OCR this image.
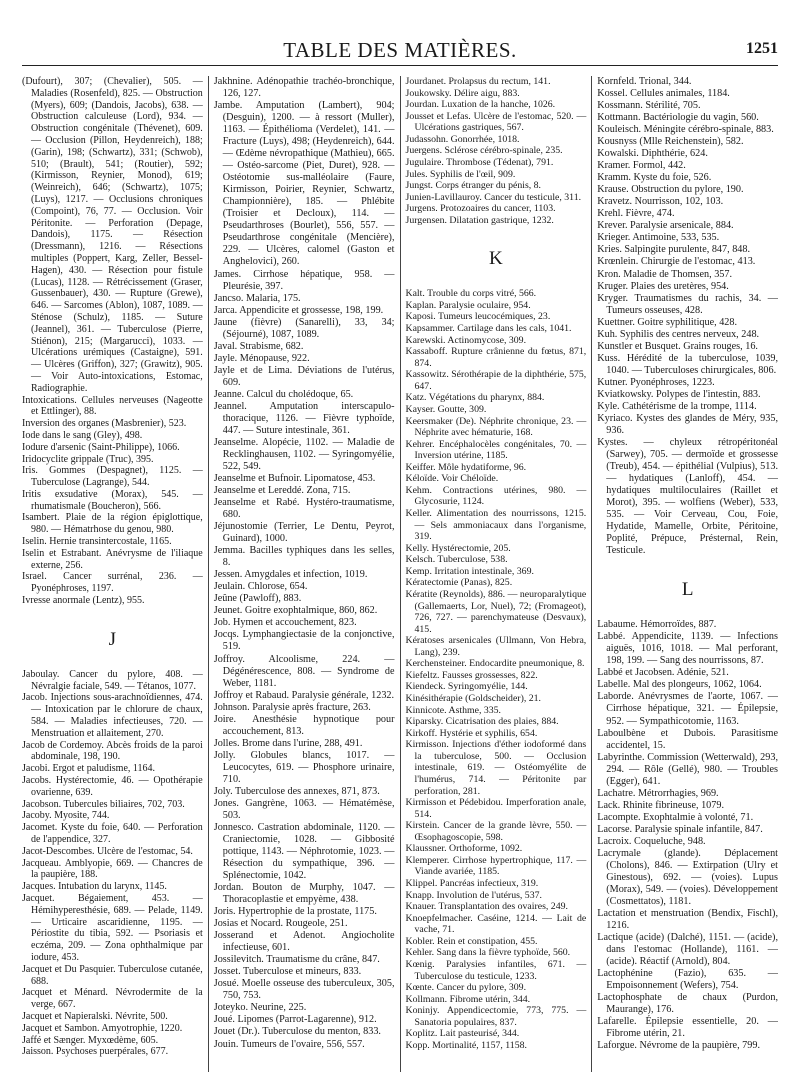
TABLE DES MATIÈRES.	1251

(Dufourt), 307; (Chevalier), 505. — Maladies (Rosenfeld), 825. — Obstruction (Myers), 609; (Dandois, Jacobs), 638. — Obstruction calculeuse (Lord), 934. — Obstruction congénitale (Thévenet), 609. — Occlusion (Pillon, Heydenreich), 188; (Garin), 198; (Schwartz), 331; (Schwob), 510; (Brault), 541; (Routier), 592; (Kirmisson, Reynier, Monod), 619; (Weinreich), 646; (Schwartz), 1075; (Luys), 1217. — Occlusions chroniques (Compoint), 76, 77. — Occlusion. Voir Péritonite. — Perforation (Depage, Dandois), 1175. — Résection (Dressmann), 1216. — Résections multiples (Poppert, Karg, Zeller, Bessel-Hagen), 430. — Résection pour fistule (Lucas), 1128. — Rétrécissement (Graser, Gussenbauer), 430. — Rupture (Grewe), 646. — Sarcomes (Ablon), 1087, 1089. — Sténose (Schulz), 1185. — Suture (Jeannel), 361. — Tuberculose (Pierre, Stiénon), 215; (Margarucci), 1033. — Ulcérations urémiques (Castaigne), 591. — Ulcères (Griffon), 327; (Grawitz), 905. — Voir Auto-intoxications, Estomac, Radiographie.

Intoxications. Cellules nerveuses (Nageotte et Ettlinger), 88.

Inversion des organes (Masbrenier), 523.

Iode dans le sang (Gley), 498.

Iodure d'arsenic (Saint-Philippe), 1066.

Iridocyclite grippale (Truc), 395.

Iris. Gommes (Despagnet), 1125. — Tuberculose (Lagrange), 544.

Iritis exsudative (Morax), 545. — rhumatismale (Boucheron), 566.

Isambert. Plaie de la région épiglottique, 980. — Hématrhose du genou, 980.

Iselin. Hernie transintercostale, 1165.

Iselin et Estrabant. Anévrysme de l'iliaque externe, 256.

Israel. Cancer surrénal, 236. — Pyonéphroses, 1197.

Ivresse anormale (Lentz), 955.

J

Jaboulay. Cancer du pylore, 408. — Névralgie faciale, 549. — Tétanos, 1077.

Jacob. Injections sous-arachnoïdiennes, 474. — Intoxication par le chlorure de chaux, 584. — Maladies infectieuses, 720. — Menstruation et allaitement, 270.

Jacob de Cordemoy. Abcès froids de la paroi abdominale, 198, 190.

Jacobi. Ergot et paludisme, 1164.

Jacobs. Hystérectomie, 46. — Opothérapie ovarienne, 639.

Jacobson. Tubercules biliaires, 702, 703.

Jacoby. Myosite, 744.

Jacomet. Kyste du foie, 640. — Perforation de l'appendice, 327.

Jacot-Descombes. Ulcère de l'estomac, 54.

Jacqueau. Amblyopie, 669. — Chancres de la paupière, 188.

Jacques. Intubation du larynx, 1145.

Jacquet. Bégaiement, 453. — Hémihyperesthésie, 689. — Pelade, 1149. — Urticaire ascaridienne, 1195. — Périostite du tibia, 592. — Psoriasis et eczéma, 209. — Zona ophthalmique par iodure, 453.

Jacquet et Du Pasquier. Tuberculose cutanée, 688.

Jacquet et Ménard. Névrodermite de la verge, 667.

Jacquet et Napieralski. Névrite, 500.

Jacquet et Sambon. Amyotrophie, 1220.

Jaffé et Sænger. Myxœdème, 605.

Jaisson. Psychoses puerpérales, 677.

Jakhnine. Adénopathie trachéo-bronchique, 126, 127.

Jambe. Amputation (Lambert), 904; (Desguin), 1200. — à ressort (Muller), 1163. — Épithélioma (Verdelet), 141. — Fracture (Luys), 498; (Heydenreich), 644. — Œdème névropathique (Mathieu), 665. — Ostéo-sarcome (Piet, Duret), 928. — Ostéotomie sus-malléolaire (Faure, Kirmisson, Poirier, Reynier, Schwartz, Championnière), 185. — Phlébite (Troisier et Decloux), 114. — Pseudarthroses (Bourlet), 556, 557. — Pseudarthrose congénitale (Mencière), 229. — Ulcères, calomel (Gaston et Anghelovici), 260.

James. Cirrhose hépatique, 958. — Pleurésie, 397.

Jancso. Malaria, 175.

Jarca. Appendicite et grossesse, 198, 199.

Jaune (fièvre) (Sanarelli), 33, 34; (Séjourné), 1087, 1089.

Javal. Strabisme, 682.

Jayle. Ménopause, 922.

Jayle et de Lima. Déviations de l'utérus, 609.

Jeanne. Calcul du cholédoque, 65.

Jeannel. Amputation interscapulo-thoracique, 1126. — Fièvre typhoïde, 447. — Suture intestinale, 361.

Jeanselme. Alopécie, 1102. — Maladie de Recklinghausen, 1102. — Syringomyélie, 522, 549.

Jeanselme et Bufnoir. Lipomatose, 453.

Jeanselme et Lereddé. Zona, 715.

Jeanselme et Rabé. Hystéro-traumatisme, 680.

Jéjunostomie (Terrier, Le Dentu, Peyrot, Guinard), 1000.

Jemma. Bacilles typhiques dans les selles, 8.

Jessen. Amygdales et infection, 1019.

Jeulain. Chlorose, 654.

Jeûne (Pawloff), 883.

Jeunet. Goitre exophtalmique, 860, 862.

Job. Hymen et accouchement, 823.

Jocqs. Lymphangiectasie de la conjonctive, 519.

Joffroy. Alcoolisme, 224. — Dégénérescence, 808. — Syndrome de Weber, 1181.

Joffroy et Rabaud. Paralysie générale, 1232.

Johnson. Paralysie après fracture, 263.

Joire. Anesthésie hypnotique pour accouchement, 813.

Jolles. Brome dans l'urine, 288, 491.

Jolly. Globules blancs, 1017. — Leucocytes, 619. — Phosphore urinaire, 710.

Joly. Tuberculose des annexes, 871, 873.

Jones. Gangrène, 1063. — Hématémèse, 503.

Jonnesco. Castration abdominale, 1120. — Craniectomie, 1028. — Gibbosité pottique, 1143. — Néphrotomie, 1023. — Résection du sympathique, 396. — Splénectomie, 1042.

Jordan. Bouton de Murphy, 1047. — Thoracoplastie et empyème, 438.

Joris. Hypertrophie de la prostate, 1175.

Josias et Nocard. Rougeole, 251.

Josserand et Adenot. Angiocholite infectieuse, 601.

Jossilevitch. Traumatisme du crâne, 847.

Josset. Tuberculose et mineurs, 833.

Josué. Moelle osseuse des tuberculeux, 305, 750, 753.

Joteyko. Neurine, 225.

Joué. Lipomes (Parrot-Lagarenne), 912.

Jouet (Dr.). Tuberculose du menton, 833.

Jouin. Tumeurs de l'ovaire, 556, 557.

Jourdanet. Prolapsus du rectum, 141.

Joukowsky. Délire aigu, 883.

Jourdan. Luxation de la hanche, 1026.

Jousset et Lefas. Ulcère de l'estomac, 520. — Ulcérations gastriques, 567.

Judassohn. Gonorrhée, 1018.

Juergens. Sclérose cérébro-spinale, 235.

Jugulaire. Thrombose (Tédenat), 791.

Jules. Syphilis de l'œil, 909.

Jungst. Corps étranger du pénis, 8.

Junien-Lavillauroy. Cancer du testicule, 311.

Jurgens. Protozoaires du cancer, 1103.

Jurgensen. Dilatation gastrique, 1232.

K

Kalt. Trouble du corps vitré, 566.

Kaplan. Paralysie oculaire, 954.

Kaposi. Tumeurs leucocémiques, 23.

Kapsammer. Cartilage dans les cals, 1041.

Karewski. Actinomycose, 309.

Kassaboff. Rupture crânienne du fœtus, 871, 874.

Kassowitz. Sérothérapie de la diphthérie, 575, 647.

Katz. Végétations du pharynx, 884.

Kayser. Goutte, 309.

Keersmaker (De). Néphrite chronique, 23. — Néphrite avec hématurie, 168.

Kehrer. Encéphalocèles congénitales, 70. — Inversion utérine, 1185.

Keiffer. Môle hydatiforme, 96.

Kéloïde. Voir Chéloïde.

Kehm. Contractions utérines, 980. — Glycosurie, 1124.

Keller. Alimentation des nourrissons, 1215. — Sels ammoniacaux dans l'organisme, 319.

Kelly. Hystérectomie, 205.

Kelsch. Tuberculose, 538.

Kemp. Irritation intestinale, 369.

Kératectomie (Panas), 825.

Kératite (Reynolds), 886. — neuroparalytique (Gallemaerts, Lor, Nuel), 72; (Fromageot), 726, 727. — parenchymateuse (Desvaux), 415.

Kératoses arsenicales (Ullmann, Von Hebra, Lang), 239.

Kerchensteiner. Endocardite pneumonique, 8.

Kiefeltz. Fausses grossesses, 822.

Kiendeck. Syringomyélie, 144.

Kinésithérapie (Goldscheider), 21.

Kinnicote. Asthme, 335.

Kiparsky. Cicatrisation des plaies, 884.

Kirkoff. Hystérie et syphilis, 654.

Kirmisson. Injections d'éther iodoformé dans la tuberculose, 500. — Occlusion intestinale, 619. — Ostéomyélite de l'humérus, 714. — Péritonite par perforation, 281.

Kirmisson et Pédebidou. Imperforation anale, 514.

Kirstein. Cancer de la grande lèvre, 550. — Œsophagoscopie, 598.

Klaussner. Orthoforme, 1092.

Klemperer. Cirrhose hypertrophique, 117. — Viande avariée, 1185.

Klippel. Pancréas infectieux, 319.

Knapp. Involution de l'utérus, 537.

Knauer. Transplantation des ovaires, 249.

Knoepfelmacher. Caséine, 1214. — Lait de vache, 71.

Kobler. Rein et constipation, 455.

Kehler. Sang dans la fièvre typhoïde, 560.

Kœnig. Paralysies infantiles, 671. — Tuberculose du testicule, 1233.

Kœnte. Cancer du pylore, 309.

Kollmann. Fibrome utérin, 344.

Koninjy. Appendicectomie, 773, 775. — Sanatoria populaires, 837.

Koplitz. Lait pasteurisé, 344.

Kopp. Mortinalité, 1157, 1158.

Kornfeld. Trional, 344.

Kossel. Cellules animales, 1184.

Kossmann. Stérilité, 705.

Kottmann. Bactériologie du vagin, 560.

Kouleisch. Méningite cérébro-spinale, 883.

Kousnyss (Mlle Reichenstein), 582.

Kowalski. Diphthérie, 624.

Kramer. Formol, 442.

Kramm. Kyste du foie, 526.

Krause. Obstruction du pylore, 190.

Kravetz. Nourrisson, 102, 103.

Krehl. Fièvre, 474.

Krever. Paralysie arsenicale, 884.

Krieger. Antimoine, 533, 535.

Kries. Salpingite purulente, 847, 848.

Krœnlein. Chirurgie de l'estomac, 413.

Kron. Maladie de Thomsen, 357.

Kruger. Plaies des uretères, 954.

Kryger. Traumatismes du rachis, 34. — Tumeurs osseuses, 428.

Kuettner. Goitre syphilitique, 428.

Kuh. Syphilis des centres nerveux, 248.

Kunstler et Busquet. Grains rouges, 16.

Kuss. Hérédité de la tuberculose, 1039, 1040. — Tuberculoses chirurgicales, 806.

Kutner. Pyonéphroses, 1223.

Kviatkowsky. Polypes de l'intestin, 883.

Kyle. Cathétérisme de la trompe, 1114.

Kyriaco. Kystes des glandes de Méry, 935, 936.

Kystes. — chyleux rétropéritonéal (Sarwey), 705. — dermoïde et grossesse (Treub), 454. — épithélial (Vulpius), 513. — hydatiques (Lanloff), 454. — hydatiques multiloculaires (Raillet et Morot), 395. — wolfiens (Weber), 533, 535. — Voir Cerveau, Cou, Foie, Hydatide, Mamelle, Orbite, Péritoine, Poplité, Prépuce, Présternal, Rein, Testicule.

L

Labaume. Hémorroïdes, 887.

Labbé. Appendicite, 1139. — Infections aiguës, 1016, 1018. — Mal perforant, 198, 199. — Sang des nourrissons, 87.

Labbé et Jacobsen. Adénie, 521.

Labelle. Mal des plongeurs, 1062, 1064.

Laborde. Anévrysmes de l'aorte, 1067. — Cirrhose hépatique, 321. — Épilepsie, 952. — Sympathicotomie, 1163.

Laboulbène et Dubois. Parasitisme accidentel, 15.

Labyrinthe. Commission (Wetterwald), 293, 294. — Rôle (Gellé), 980. — Troubles (Egger), 641.

Lachatre. Métrorrhagies, 969.

Lack. Rhinite fibrineuse, 1079.

Lacompte. Exophtalmie à volonté, 71.

Lacorse. Paralysie spinale infantile, 847.

Lacroix. Coqueluche, 948.

Lacrymale (glande). Déplacement (Cholons), 846. — Extirpation (Ulry et Ginestous), 692. — (voies). Lupus (Morax), 549. — (voies). Développement (Cosmettatos), 1181.

Lactation et menstruation (Bendix, Fischl), 1216.

Lactique (acide) (Dalché), 1151. — (acide), dans l'estomac (Hollande), 1161. — (acide). Réactif (Arnold), 804.

Lactophénine (Fazio), 635. — Empoisonnement (Wefers), 754.

Lactophosphate de chaux (Purdon, Maurange), 176.

Lafarelle. Épilepsie essentielle, 20. — Fibrome utérin, 21.

Laforgue. Névrome de la paupière, 799.
